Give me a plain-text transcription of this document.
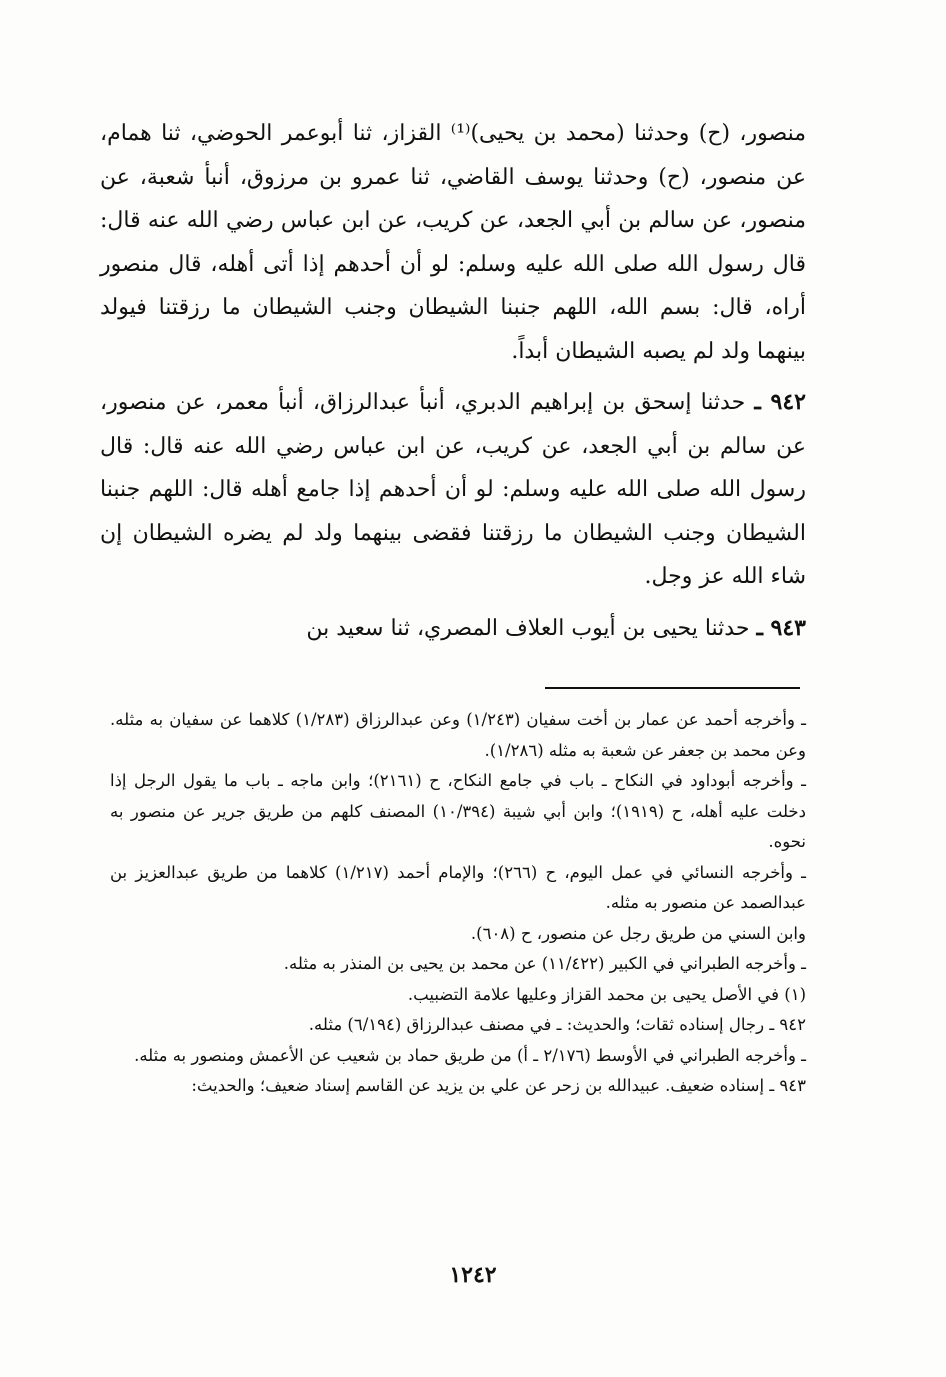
منصور، (ح) وحدثنا (محمد بن يحيى)⁽¹⁾ القزاز، ثنا أبوعمر الحوضي، ثنا همام، عن منصور، (ح) وحدثنا يوسف القاضي، ثنا عمرو بن مرزوق، أنبأ شعبة، عن منصور، عن سالم بن أبي الجعد، عن كريب، عن ابن عباس رضي الله عنه قال: قال رسول الله صلى الله عليه وسلم: لو أن أحدهم إذا أتى أهله، قال منصور أراه، قال: بسم الله، اللهم جنبنا الشيطان وجنب الشيطان ما رزقتنا فيولد بينهما ولد لم يصبه الشيطان أبداً.

٩٤٢ ـ حدثنا إسحق بن إبراهيم الدبري، أنبأ عبدالرزاق، أنبأ معمر، عن منصور، عن سالم بن أبي الجعد، عن كريب، عن ابن عباس رضي الله عنه قال: قال رسول الله صلى الله عليه وسلم: لو أن أحدهم إذا جامع أهله قال: اللهم جنبنا الشيطان وجنب الشيطان ما رزقتنا فقضى بينهما ولد لم يضره الشيطان إن شاء الله عز وجل.

٩٤٣ ـ حدثنا يحيى بن أيوب العلاف المصري، ثنا سعيد بن

ـ وأخرجه أحمد عن عمار بن أخت سفيان (١/٢٤٣) وعن عبدالرزاق (١/٢٨٣) كلاهما عن سفيان به مثله. وعن محمد بن جعفر عن شعبة به مثله (١/٢٨٦).

ـ وأخرجه أبوداود في النكاح ـ باب في جامع النكاح، ح (٢١٦١)؛ وابن ماجه ـ باب ما يقول الرجل إذا دخلت عليه أهله، ح (١٩١٩)؛ وابن أبي شيبة (١٠/٣٩٤) المصنف كلهم من طريق جرير عن منصور به نحوه.

ـ وأخرجه النسائي في عمل اليوم، ح (٢٦٦)؛ والإمام أحمد (١/٢١٧) كلاهما من طريق عبدالعزيز بن عبدالصمد عن منصور به مثله.

وابن السني من طريق رجل عن منصور، ح (٦٠٨).

ـ وأخرجه الطبراني في الكبير (١١/٤٢٢) عن محمد بن يحيى بن المنذر به مثله.

(١) في الأصل يحيى بن محمد القزاز وعليها علامة التضبيب.

٩٤٢ ـ رجال إسناده ثقات؛ والحديث: ـ في مصنف عبدالرزاق (٦/١٩٤) مثله.

ـ وأخرجه الطبراني في الأوسط (٢/١٧٦ ـ أ) من طريق حماد بن شعيب عن الأعمش ومنصور به مثله.

٩٤٣ ـ إسناده ضعيف. عبيدالله بن زحر عن علي بن يزيد عن القاسم إسناد ضعيف؛ والحديث:

١٢٤٢
